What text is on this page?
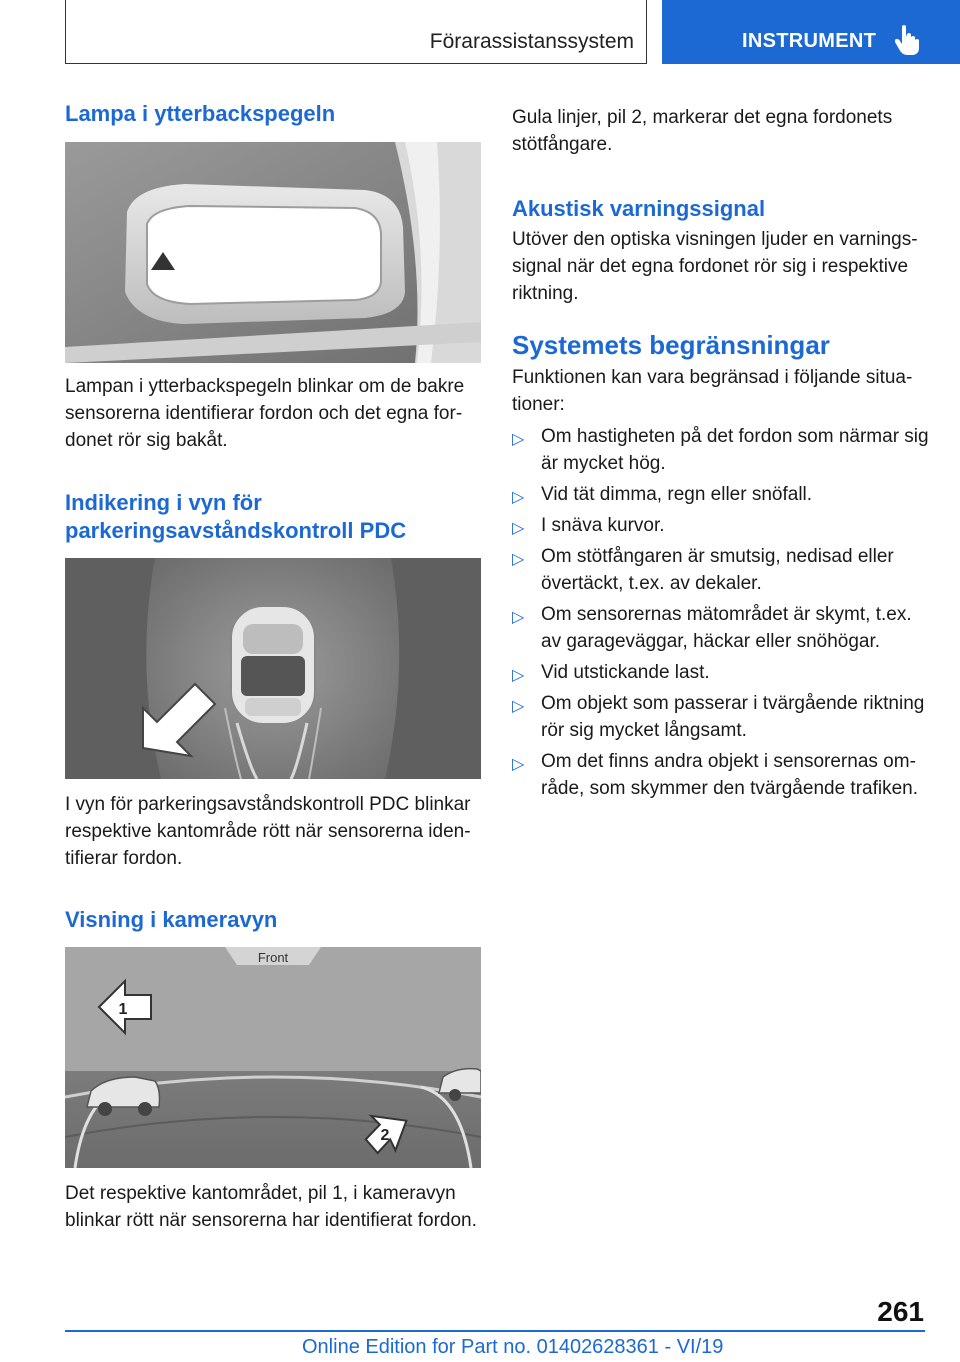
Förarassistanssystem	INSTRUMENT
Lampa i ytterbackspegeln

Lampan i ytterbackspegeln blinkar om de bakre sensorerna identifierar fordon och det egna fordonet rör sig bakåt.

Indikering i vyn för parkeringsavståndskontroll PDC

I vyn för parkeringsavståndskontroll PDC blinkar respektive kantområde rött när sensorerna identifierar fordon.

Visning i kameravyn
Front
1
2

Det respektive kantområdet, pil 1, i kameravyn blinkar rött när sensorerna har identifierat fordon.

Gula linjer, pil 2, markerar det egna fordonets stötfångare.

Akustisk varningssignal

Utöver den optiska visningen ljuder en varningssignal när det egna fordonet rör sig i respektive riktning.

Systemets begränsningar

Funktionen kan vara begränsad i följande situationer:

▷ Om hastigheten på det fordon som närmar sig är mycket hög.
▷ Vid tät dimma, regn eller snöfall.
▷ I snäva kurvor.
▷ Om stötfångaren är smutsig, nedisad eller övertäckt, t.ex. av dekaler.
▷ Om sensorernas mätområdet är skymt, t.ex. av garageväggar, häckar eller snöhögar.
▷ Vid utstickande last.
▷ Om objekt som passerar i tvärgående riktning rör sig mycket långsamt.
▷ Om det finns andra objekt i sensorernas område, som skymmer den tvärgående trafiken.
261
Online Edition for Part no. 01402628361 - VI/19
